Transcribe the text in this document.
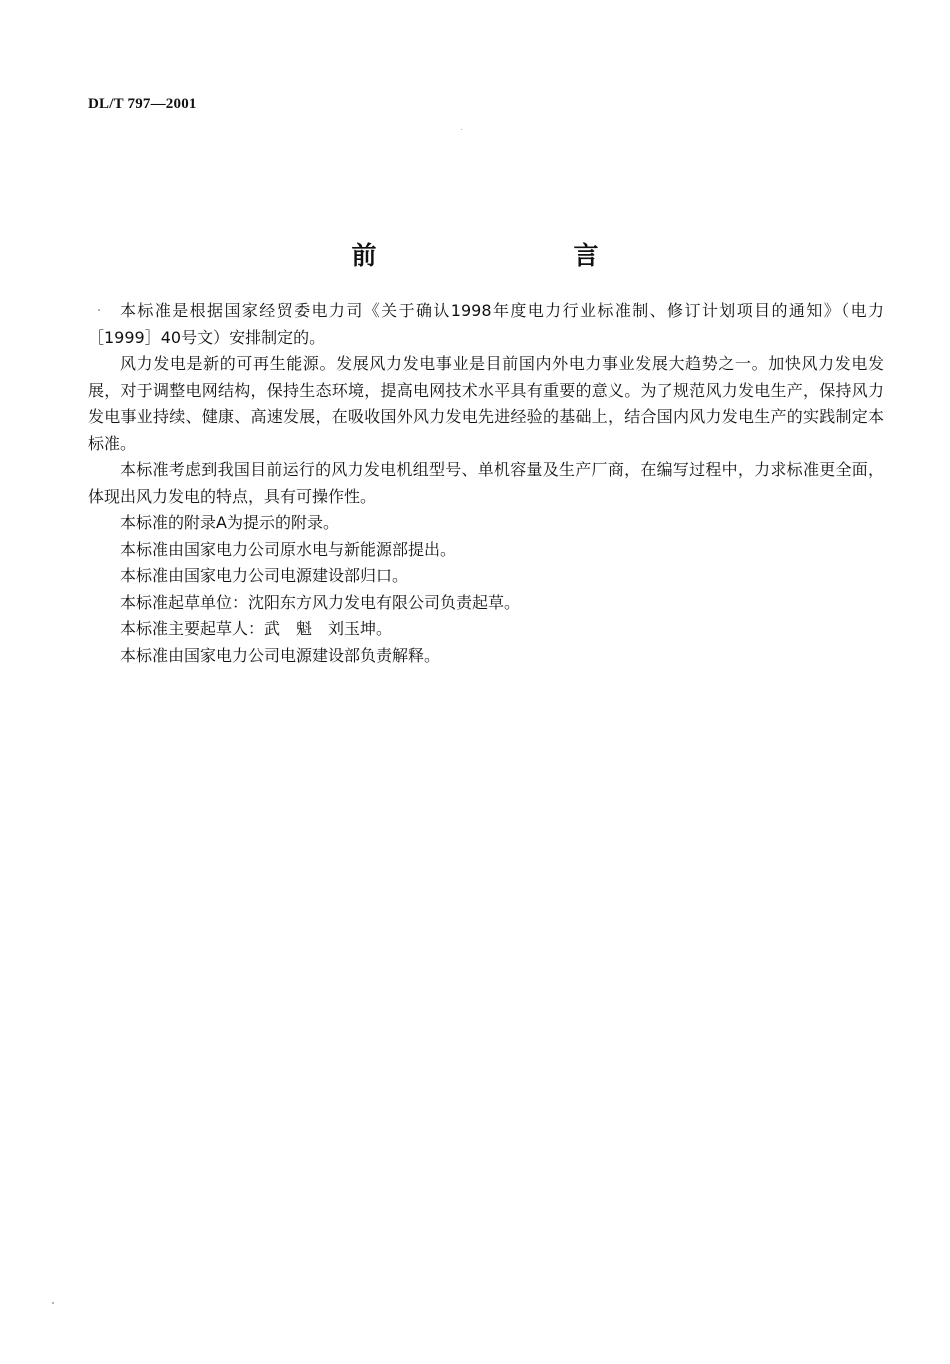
DL/T 797—2001
前　言

本标准是根据国家经贸委电力司《关于确认1998年度电力行业标准制、修订计划项目的通知》（电力［1999］40号文）安排制定的。

风力发电是新的可再生能源。发展风力发电事业是目前国内外电力事业发展大趋势之一。加快风力发电发展，对于调整电网结构，保持生态环境，提高电网技术水平具有重要的意义。为了规范风力发电生产，保持风力发电事业持续、健康、高速发展，在吸收国外风力发电先进经验的基础上，结合国内风力发电生产的实践制定本标准。

本标准考虑到我国目前运行的风力发电机组型号、单机容量及生产厂商，在编写过程中，力求标准更全面，体现出风力发电的特点，具有可操作性。

本标准的附录A为提示的附录。

本标准由国家电力公司原水电与新能源部提出。

本标准由国家电力公司电源建设部归口。

本标准起草单位：沈阳东方风力发电有限公司负责起草。

本标准主要起草人：武　魁　刘玉坤。

本标准由国家电力公司电源建设部负责解释。
